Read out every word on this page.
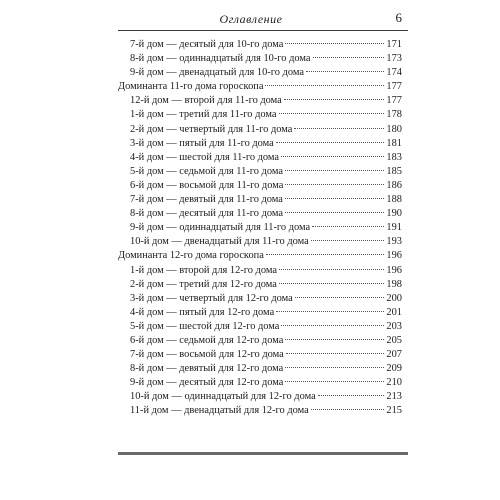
Оглавление	6
7-й дом — десятый для 10-го дома	171
8-й дом — одиннадцатый для 10-го дома	173
9-й дом — двенадцатый для 10-го дома	174
Доминанта 11-го дома гороскопа	177
12-й дом — второй для 11-го дома	177
1-й дом — третий для 11-го дома	178
2-й дом — четвертый для 11-го дома	180
3-й дом — пятый для 11-го дома	181
4-й дом — шестой для 11-го дома	183
5-й дом — седьмой для 11-го дома	185
6-й дом — восьмой для 11-го дома	186
7-й дом — девятый для 11-го дома	188
8-й дом — десятый для 11-го дома	190
9-й дом — одиннадцатый для 11-го дома	191
10-й дом — двенадцатый для 11-го дома	193
Доминанта 12-го дома гороскопа	196
1-й дом — второй для 12-го дома	196
2-й дом — третий для 12-го дома	198
3-й дом — четвертый для 12-го дома	200
4-й дом — пятый для 12-го дома	201
5-й дом — шестой для 12-го дома	203
6-й дом — седьмой для 12-го дома	205
7-й дом — восьмой для 12-го дома	207
8-й дом — девятый для 12-го дома	209
9-й дом — десятый для 12-го дома	210
10-й дом — одиннадцатый для 12-го дома	213
11-й дом — двенадцатый для 12-го дома	215
